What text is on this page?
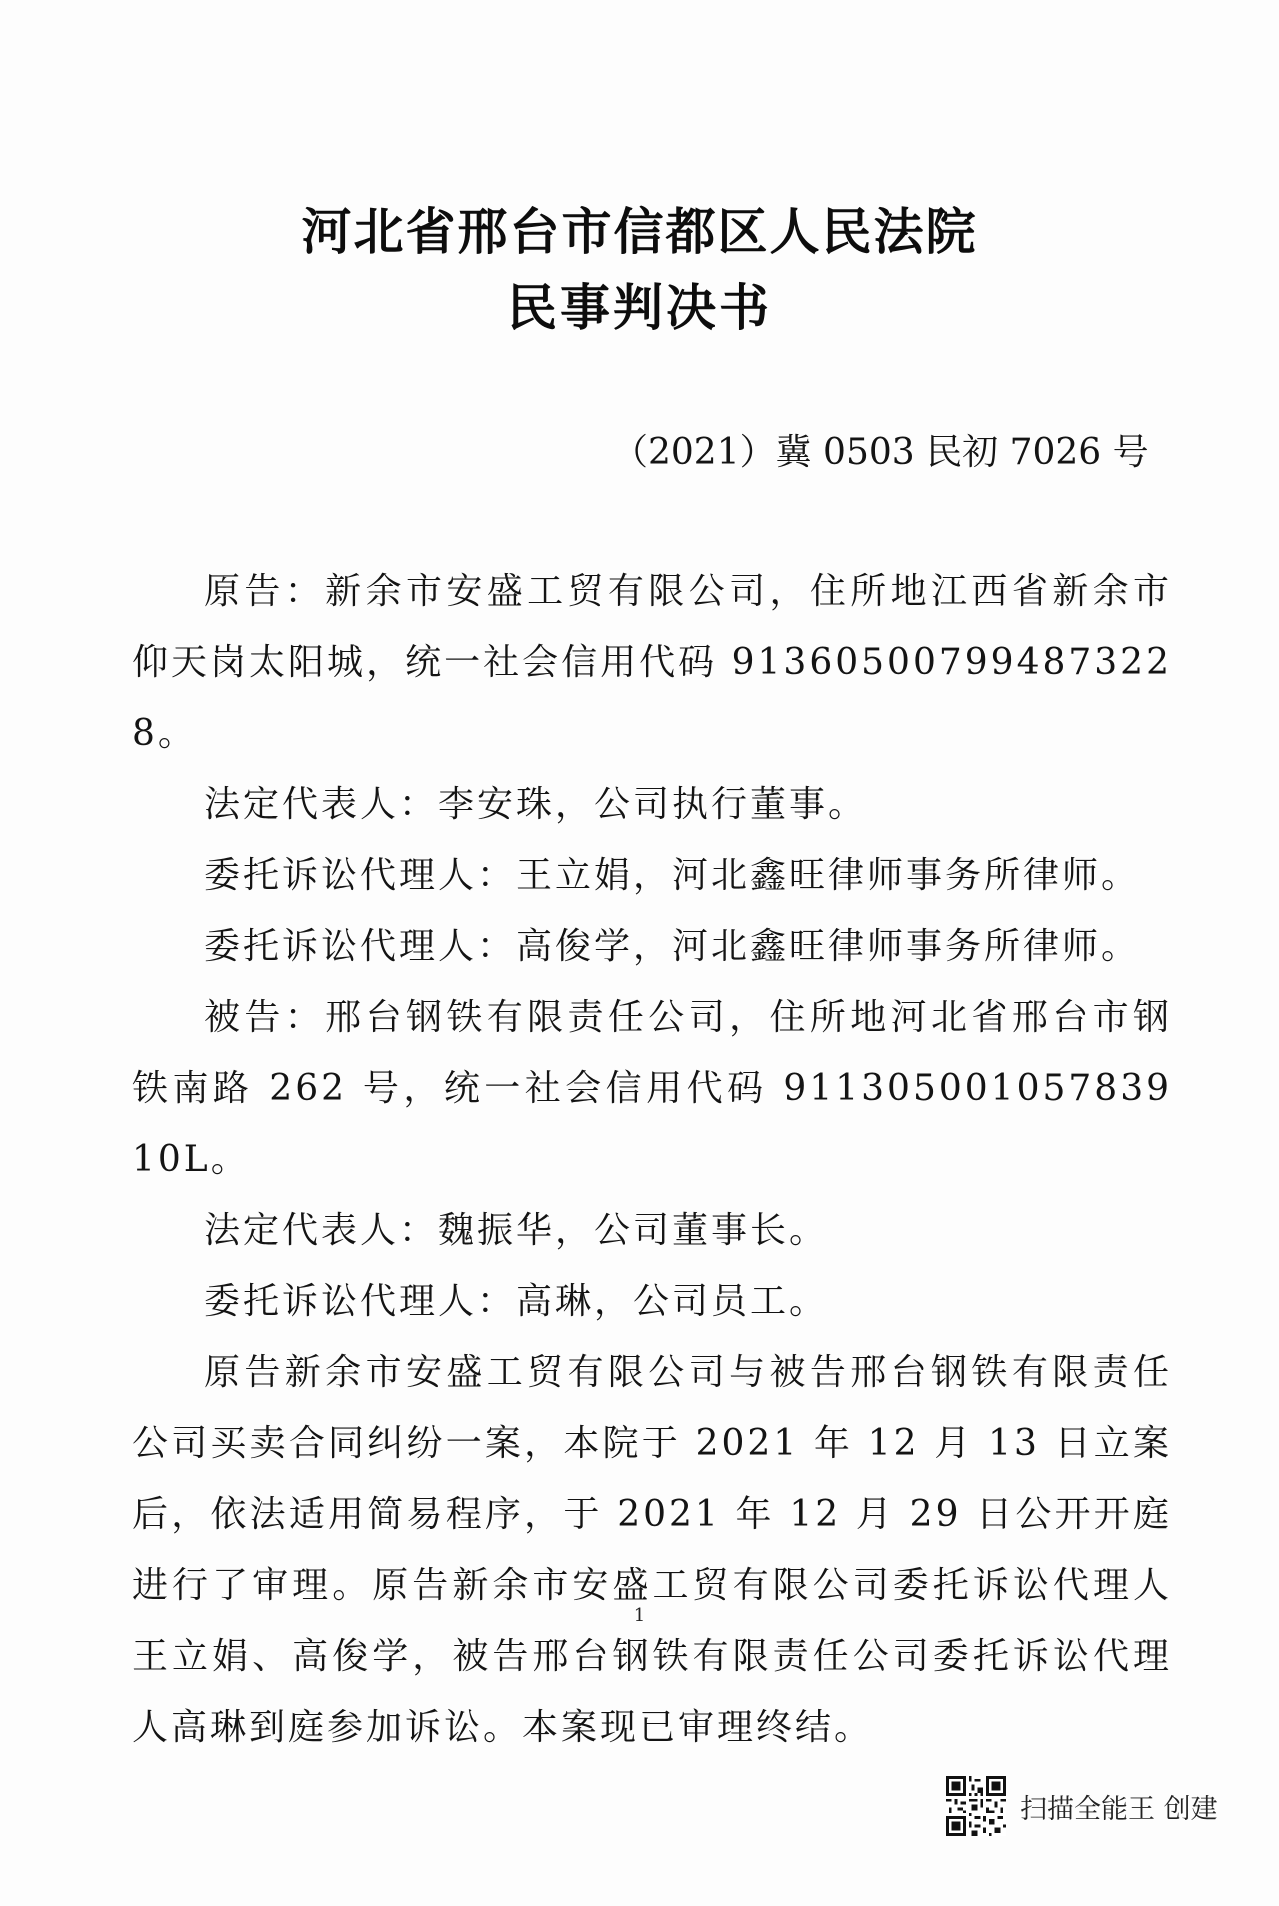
河北省邢台市信都区人民法院
民事判决书
（2021）冀 0503 民初 7026 号

原告：新余市安盛工贸有限公司，住所地江西省新余市仰天岗太阳城，统一社会信用代码 91360500799487322 8。

法定代表人：李安珠，公司执行董事。

委托诉讼代理人：王立娟，河北鑫旺律师事务所律师。

委托诉讼代理人：高俊学，河北鑫旺律师事务所律师。

被告：邢台钢铁有限责任公司，住所地河北省邢台市钢铁南路 262 号，统一社会信用代码 911305001057839 10L。

法定代表人：魏振华，公司董事长。

委托诉讼代理人：高琳，公司员工。

原告新余市安盛工贸有限公司与被告邢台钢铁有限责任公司买卖合同纠纷一案，本院于 2021 年 12 月 13 日立案后，依法适用简易程序，于 2021 年 12 月 29 日公开开庭进行了审理。原告新余市安盛工贸有限公司委托诉讼代理人王立娟、高俊学，被告邢台钢铁有限责任公司委托诉讼代理人高琳到庭参加诉讼。本案现已审理终结。

1
扫描全能王 创建
